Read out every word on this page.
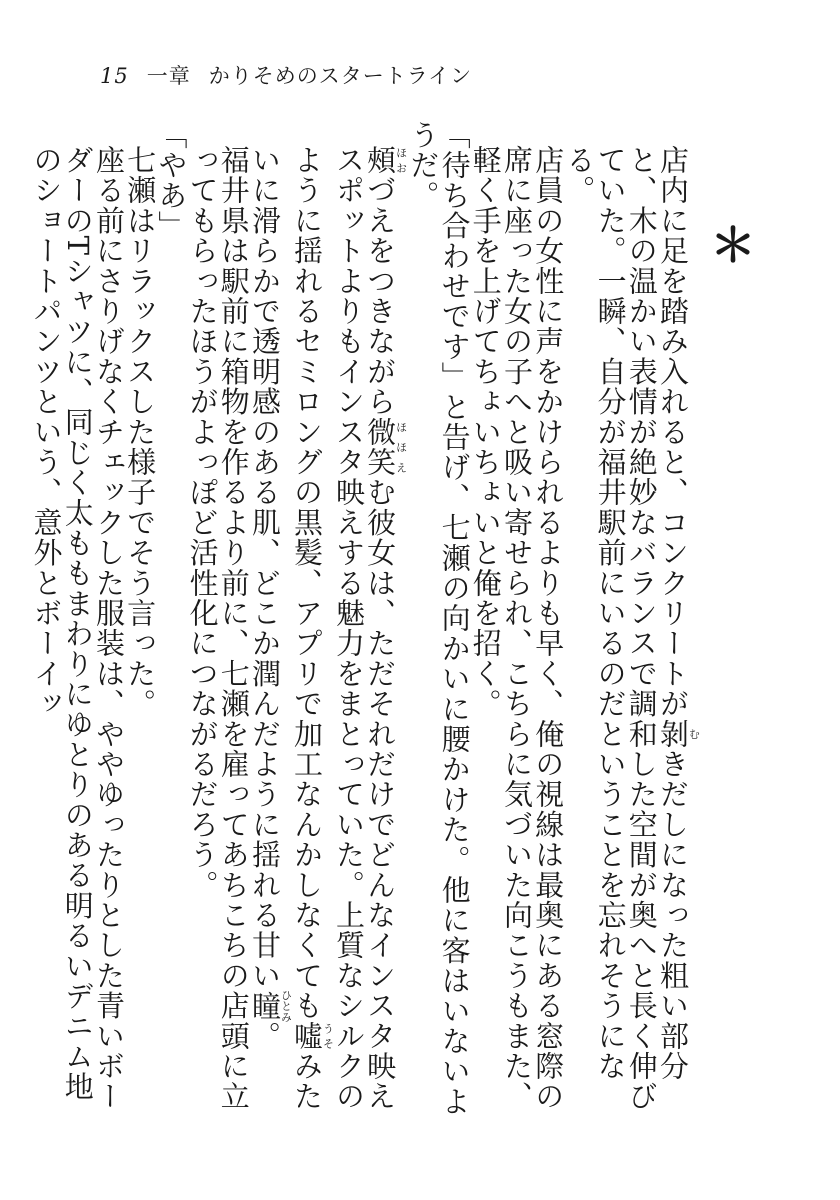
15 一章 かりそめのスタートライン
＊

店内に足を踏み入れると、コンクリートが剝むきだしになった粗い部分と、木の温かい表情が絶妙なバランスで調和した空間が奥へと長く伸びていた。一瞬、自分が福井駅前にいるのだということを忘れそうになる。

店員の女性に声をかけられるよりも早く、俺の視線は最奥にある窓際の席に座った女の子へと吸い寄せられ、こちらに気づいた向こうもまた、軽く手を上げてちょいちょいと俺を招く。

「待ち合わせです」と告げ、七瀬の向かいに腰かけた。他に客はいないようだ。

頰ほおづえをつきながら微笑ほほえむ彼女は、ただそれだけでどんなインスタ映えスポットよりもインスタ映えする魅力をまとっていた。上質なシルクのように揺れるセミロングの黒髪、アプリで加工なんかしなくても噓うそみたいに滑らかで透明感のある肌、どこか潤んだように揺れる甘い瞳ひとみ。

福井県は駅前に箱物を作るより前に、七瀬を雇ってあちこちの店頭に立ってもらったほうがよっぽど活性化につながるだろう。

「やあ」

七瀬はリラックスした様子でそう言った。

座る前にさりげなくチェックした服装は、ややゆったりとした青いボーダーのTシャツに、同じく太ももまわりにゆとりのある明るいデニム地のショートパンツという、意外とボーイッ
